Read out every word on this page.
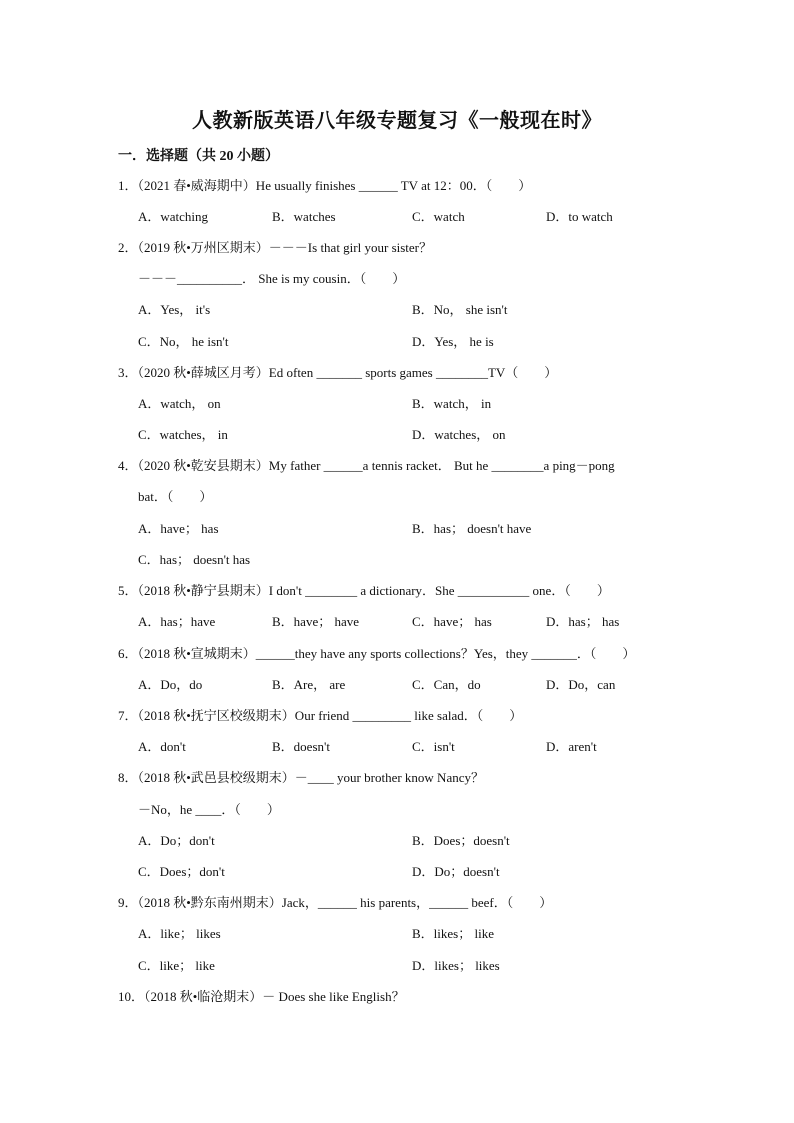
人教新版英语八年级专题复习《一般现在时》
一．选择题（共 20 小题）
1．（2021 春•威海期中）He usually finishes ______ TV at 12：00．（　　）
A．watching	B．watches	C．watch	D．to watch
2．（2019 秋•万州区期末）－－－Is that girl your sister？
－－－__________． She is my cousin．（　　）
A．Yes， it's	B．No， she isn't
C．No， he isn't	D．Yes， he is
3．（2020 秋•薛城区月考）Ed often _______ sports games ________TV（　　）
A．watch， on	B．watch， in
C．watches， in	D．watches， on
4．（2020 秋•乾安县期末）My father ______a tennis racket． But he ________a ping－pong
bat．（　　）
A．have； has	B．has； doesn't have
C．has； doesn't has
5．（2018 秋•静宁县期末）I don't ________ a dictionary．She ___________ one．（　　）
A．has；have	B．have； have	C．have； has	D．has； has
6．（2018 秋•宣城期末）______they have any sports collections？Yes，they _______．（　　）
A．Do，do	B．Are， are	C．Can，do	D．Do，can
7．（2018 秋•抚宁区校级期末）Our friend _________ like salad．（　　）
A．don't	B．doesn't	C．isn't	D．aren't
8．（2018 秋•武邑县校级期末）－____ your brother know Nancy？
－No，he ____．（　　）
A．Do；don't	B．Does；doesn't
C．Does；don't	D．Do；doesn't
9．（2018 秋•黔东南州期末）Jack，______ his parents，______ beef．（　　）
A．like； likes	B．likes； like
C．like； like	D．likes； likes
10．（2018 秋•临沧期末）－ Does she like English？
